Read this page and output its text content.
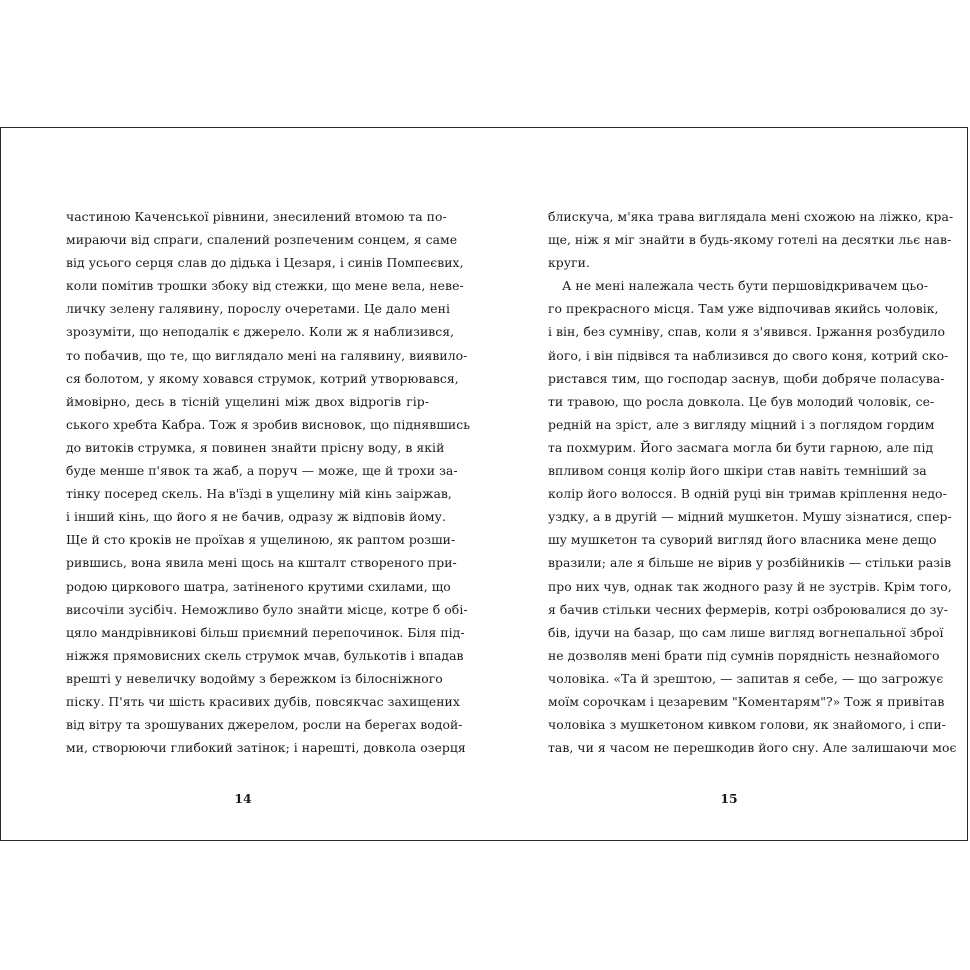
частиною Каченської рівнини, знесилений втомою та по-
мираючи від спраги, спалений розпеченим сонцем, я саме
від усього серця слав до дідька і Цезаря, і синів Помпеєвих,
коли помітив трошки збоку від стежки, що мене вела, неве-
личку зелену галявину, порослу очеретами. Це дало мені
зрозуміти, що неподалік є джерело. Коли ж я наблизився,
то побачив, що те, що виглядало мені на галявину, виявило-
ся болотом, у якому ховався струмок, котрий утворювався,
ймовірно, десь в тісній ущелині між двох відрогів гір-
ського хребта Кабра. Тож я зробив висновок, що піднявшись
до витоків струмка, я повинен знайти прісну воду, в якій
буде менше п'явок та жаб, а поруч — може, ще й трохи за-
тінку посеред скель. На в'їзді в ущелину мій кінь заіржав,
і інший кінь, що його я не бачив, одразу ж відповів йому.
Ще й сто кроків не проїхав я ущелиною, як раптом розши-
рившись, вона явила мені щось на кшталт створеного при-
родою циркового шатра, затіненого крутими схилами, що
височіли зусібіч. Неможливо було знайти місце, котре б обі-
цяло мандрівникові більш приємний перепочинок. Біля під-
ніжжя прямовисних скель струмок мчав, булькотів і впадав
врешті у невеличку водойму з бережком із білосніжного
піску. П'ять чи шість красивих дубів, повсякчас захищених
від вітру та зрошуваних джерелом, росли на берегах водой-
ми, створюючи глибокий затінок; і нарешті, довкола озерця
блискуча, м'яка трава виглядала мені схожою на ліжко, кра-
ще, ніж я міг знайти в будь-якому готелі на десятки льє нав-
круги.
А не мені належала честь бути першовідкривачем цьо-
го прекрасного місця. Там уже відпочивав якийсь чоловік,
і він, без сумніву, спав, коли я з'явився. Іржання розбудило
його, і він підвівся та наблизився до свого коня, котрий ско-
ристався тим, що господар заснув, щоби добряче поласува-
ти травою, що росла довкола. Це був молодий чоловік, се-
редній на зріст, але з вигляду міцний і з поглядом гордим
та похмурим. Його засмага могла би бути гарною, але під
впливом сонця колір його шкіри став навіть темніший за
колір його волосся. В одній руці він тримав кріплення недо-
уздку, а в другій — мідний мушкетон. Мушу зізнатися, спер-
шу мушкетон та суворий вигляд його власника мене дещо
вразили; але я більше не вірив у розбійників — стільки разів
про них чув, однак так жодного разу й не зустрів. Крім того,
я бачив стільки чесних фермерів, котрі озброювалися до зу-
бів, ідучи на базар, що сам лише вигляд вогнепальної зброї
не дозволяв мені брати під сумнів порядність незнайомого
чоловіка. «Та й зрештою, — запитав я себе, — що загрожує
моїм сорочкам і цезаревим "Коментарям"?» Тож я привітав
чоловіка з мушкетоном кивком голови, як знайомого, і спи-
тав, чи я часом не перешкодив його сну. Але залишаючи моє
14	15
